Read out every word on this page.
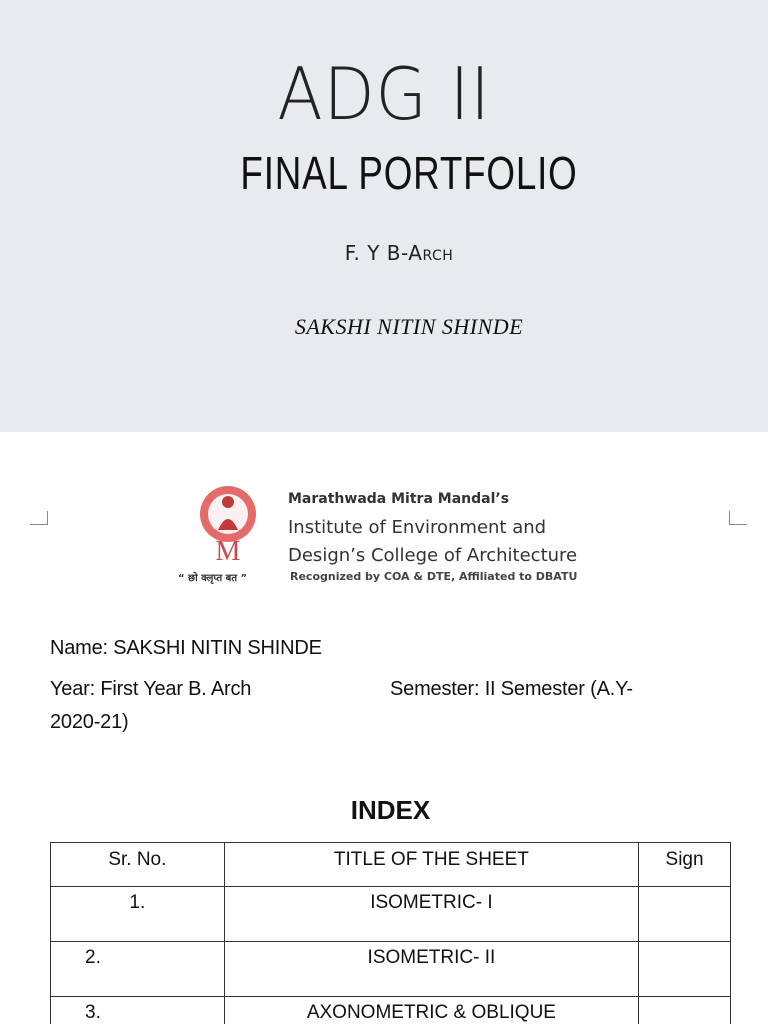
ADG II
FINAL PORTFOLIO
F. Y B-Arch
SAKSHI NITIN SHINDE
M
Marathwada Mitra Mandal’s
Institute of Environment and
Design’s College of Architecture
“ छो क्लृप्त बत ”	Recognized by COA & DTE, Affiliated to DBATU
Name: SAKSHI NITIN SHINDE
Year: First Year B. Arch	Semester: II Semester (A.Y-
2020-21)
INDEX
Sr. No.	TITLE OF THE SHEET	Sign
1.	ISOMETRIC- I	
2.	ISOMETRIC- II	
3.	AXONOMETRIC & OBLIQUE	
